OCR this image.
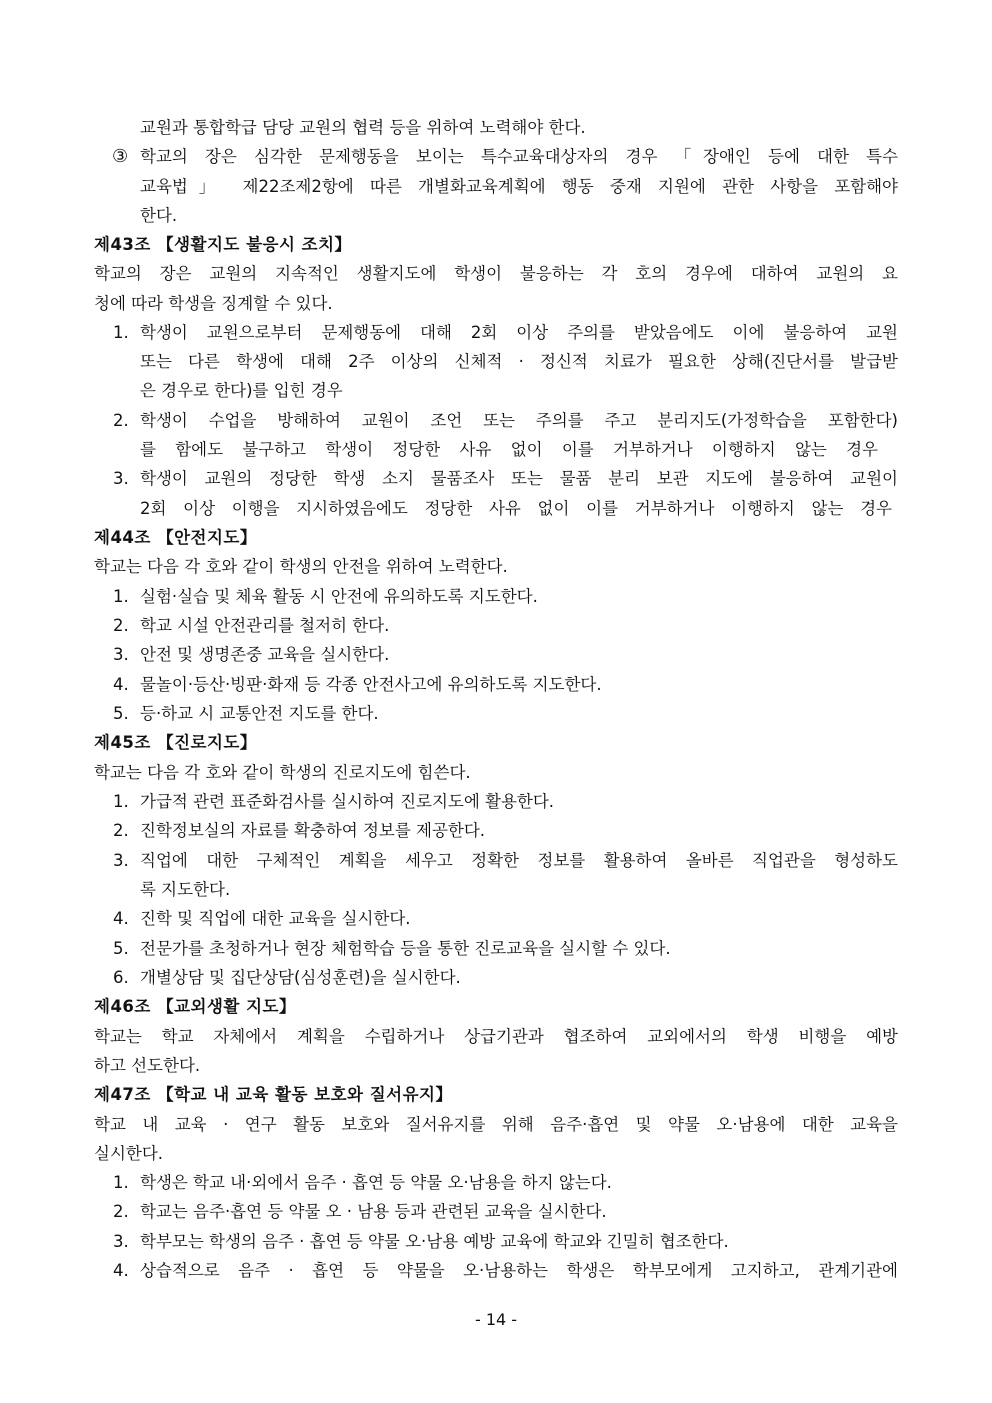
교원과 통합학급 담당 교원의 협력 등을 위하여 노력해야 한다.
③ 학교의 장은 심각한 문제행동을 보이는 특수교육대상자의 경우 「장애인 등에 대한 특수
교육법」 제22조제2항에 따른 개별화교육계획에 행동 중재 지원에 관한 사항을 포함해야
한다.
제43조 【생활지도 불응시 조치】
학교의 장은 교원의 지속적인 생활지도에 학생이 불응하는 각 호의 경우에 대하여 교원의 요
청에 따라 학생을 징계할 수 있다.
1. 학생이 교원으로부터 문제행동에 대해 2회 이상 주의를 받았음에도 이에 불응하여 교원
또는 다른 학생에 대해 2주 이상의 신체적 · 정신적 치료가 필요한 상해(진단서를 발급받
은 경우로 한다)를 입힌 경우
2. 학생이 수업을 방해하여 교원이 조언 또는 주의를 주고 분리지도(가정학습을 포함한다)
를 함에도 불구하고 학생이 정당한 사유 없이 이를 거부하거나 이행하지 않는 경우
3. 학생이 교원의 정당한 학생 소지 물품조사 또는 물품 분리 보관 지도에 불응하여 교원이
2회 이상 이행을 지시하였음에도 정당한 사유 없이 이를 거부하거나 이행하지 않는 경우
제44조 【안전지도】
학교는 다음 각 호와 같이 학생의 안전을 위하여 노력한다.
1. 실험·실습 및 체육 활동 시 안전에 유의하도록 지도한다.
2. 학교 시설 안전관리를 철저히 한다.
3. 안전 및 생명존중 교육을 실시한다.
4. 물놀이·등산·빙판·화재 등 각종 안전사고에 유의하도록 지도한다.
5. 등·하교 시 교통안전 지도를 한다.
제45조 【진로지도】
학교는 다음 각 호와 같이 학생의 진로지도에 힘쓴다.
1. 가급적 관련 표준화검사를 실시하여 진로지도에 활용한다.
2. 진학정보실의 자료를 확충하여 정보를 제공한다.
3. 직업에 대한 구체적인 계획을 세우고 정확한 정보를 활용하여 올바른 직업관을 형성하도
록 지도한다.
4. 진학 및 직업에 대한 교육을 실시한다.
5. 전문가를 초청하거나 현장 체험학습 등을 통한 진로교육을 실시할 수 있다.
6. 개별상담 및 집단상담(심성훈련)을 실시한다.
제46조 【교외생활 지도】
학교는 학교 자체에서 계획을 수립하거나 상급기관과 협조하여 교외에서의 학생 비행을 예방
하고 선도한다.
제47조 【학교 내 교육 활동 보호와 질서유지】
학교 내 교육 · 연구 활동 보호와 질서유지를 위해 음주·흡연 및 약물 오·남용에 대한 교육을
실시한다.
1. 학생은 학교 내·외에서 음주 · 흡연 등 약물 오·남용을 하지 않는다.
2. 학교는 음주·흡연 등 약물 오 · 남용 등과 관련된 교육을 실시한다.
3. 학부모는 학생의 음주 · 흡연 등 약물 오·남용 예방 교육에 학교와 긴밀히 협조한다.
4. 상습적으로 음주 · 흡연 등 약물을 오·남용하는 학생은 학부모에게 고지하고, 관계기관에
- 14 -
